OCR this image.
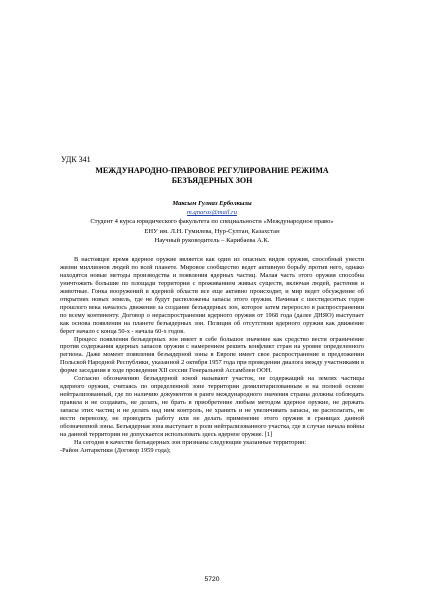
УДК 341
МЕЖДУНАРОДНО-ПРАВОВОЕ РЕГУЛИРОВАНИЕ РЕЖИМА
БЕЗЪЯДЕРНЫХ ЗОН
Максым Гулназ Ерболкызы
m.gnaras@mail.ru
Студент 4 курса юридического факультета по специальности «Международное право»
ЕНУ им. Л.Н. Гумилева, Нур-Султан, Казахстан
Научный руководитель – Карибаева А.К.

В настоящее время ядерное оружие является как один из опасных видов оружия, способный унести жизни миллионов людей по всей планете. Мировое сообщество ведет активную борьбу против него, однако находятся новые методы производства и появления ядерных частиц. Малая часть этого оружия способна уничтожить большие по площади территории с проживанием живых существ, включая людей, растения и животные. Гонка вооружений в ядерной области все еще активно происходит, и мир ведет обсуждение об открытиях новых земель, где не будут расположены запасы этого оружия. Начиная с шестидесятых годов прошлого века началось движение за создание безъядерных зон, которое затем переросло в распространении по всему континенту. Договор о нераспространении ядерного оружия от 1968 года (далее ДНЯО) выступает как основа появления на планете безъядерных зон. Позиция об отсутствии ядерного оружия как движение берет начало с конца 50-х - начала 60-х годов.

Процесс появления безъядерных зон имеет в себе большое значение как средство вести ограничение против содержания ядерных запасов оружия с намерением решить конфликт стран на уровне определенного региона. Даже момент появления безъядерной зоны в Европе имеет свое распространение в предложении Польской Народной Республики, указанной 2 октября 1957 года при проведении диалога между участниками в форме заседания в ходе проведения XII сессии Генеральной Ассамблеи ООН.

Согласно обозначению безъядерной зоной называют участок, не содержащий на землях частицы ядерного оружия, считаясь по определенной зоне территории демилитаризованным и на полной основе нейтрализованный, где по наличию документов в ранге международного значения страны должны соблюдать правила и не создавать, не делать, не брать в приобретение любым методом ядерное оружие, не держать запасы этих частиц и не делать над ним контроль, не хранить и не увеличивать запасы, не располагать, не вести перевозку, не проводить работу или не делать применение этого оружия в границах данной обозначенной зоны. Безъядерная зона выступает в роли нейтрализованного участка, где в случае начала войны на данной территории не допускается использовать здесь ядерное оружие. [1]

На сегодня в качестве безъядерных зон признаны следующие указанные территории:

-Район Антарктики (Договор 1959 года);

5720
